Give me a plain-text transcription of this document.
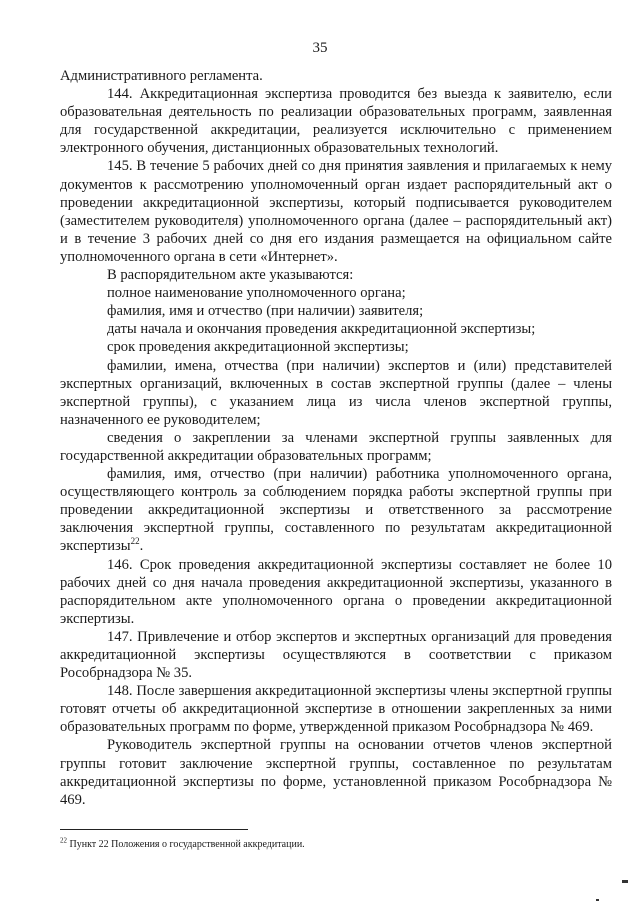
35

Административного регламента.

144. Аккредитационная экспертиза проводится без выезда к заявителю, если образовательная деятельность по реализации образовательных программ, заявленная для государственной аккредитации, реализуется исключительно с применением электронного обучения, дистанционных образовательных технологий.

145. В течение 5 рабочих дней со дня принятия заявления и прилагаемых к нему документов к рассмотрению уполномоченный орган издает распорядительный акт о проведении аккредитационной экспертизы, который подписывается руководителем (заместителем руководителя) уполномоченного органа (далее – распорядительный акт) и в течение 3 рабочих дней со дня его издания размещается на официальном сайте уполномоченного органа в сети «Интернет».

В распорядительном акте указываются:

полное наименование уполномоченного органа;

фамилия, имя и отчество (при наличии) заявителя;

даты начала и окончания проведения аккредитационной экспертизы;

срок проведения аккредитационной экспертизы;

фамилии, имена, отчества (при наличии) экспертов и (или) представителей экспертных организаций, включенных в состав экспертной группы (далее – члены экспертной группы), с указанием лица из числа членов экспертной группы, назначенного ее руководителем;

сведения о закреплении за членами экспертной группы заявленных для государственной аккредитации образовательных программ;

фамилия, имя, отчество (при наличии) работника уполномоченного органа, осуществляющего контроль за соблюдением порядка работы экспертной группы при проведении аккредитационной экспертизы и ответственного за рассмотрение заключения экспертной группы, составленного по результатам аккредитационной экспертизы$^{22}$.

146. Срок проведения аккредитационной экспертизы составляет не более 10 рабочих дней со дня начала проведения аккредитационной экспертизы, указанного в распорядительном акте уполномоченного органа о проведении аккредитационной экспертизы.

147. Привлечение и отбор экспертов и экспертных организаций для проведения аккредитационной экспертизы осуществляются в соответствии с приказом Рособрнадзора № 35.

148. После завершения аккредитационной экспертизы члены экспертной группы готовят отчеты об аккредитационной экспертизе в отношении закрепленных за ними образовательных программ по форме, утвержденной приказом Рособрнадзора № 469.

Руководитель экспертной группы на основании отчетов членов экспертной группы готовит заключение экспертной группы, составленное по результатам аккредитационной экспертизы по форме, установленной приказом Рособрнадзора № 469.

$^{22}$ Пункт 22 Положения о государственной аккредитации.
